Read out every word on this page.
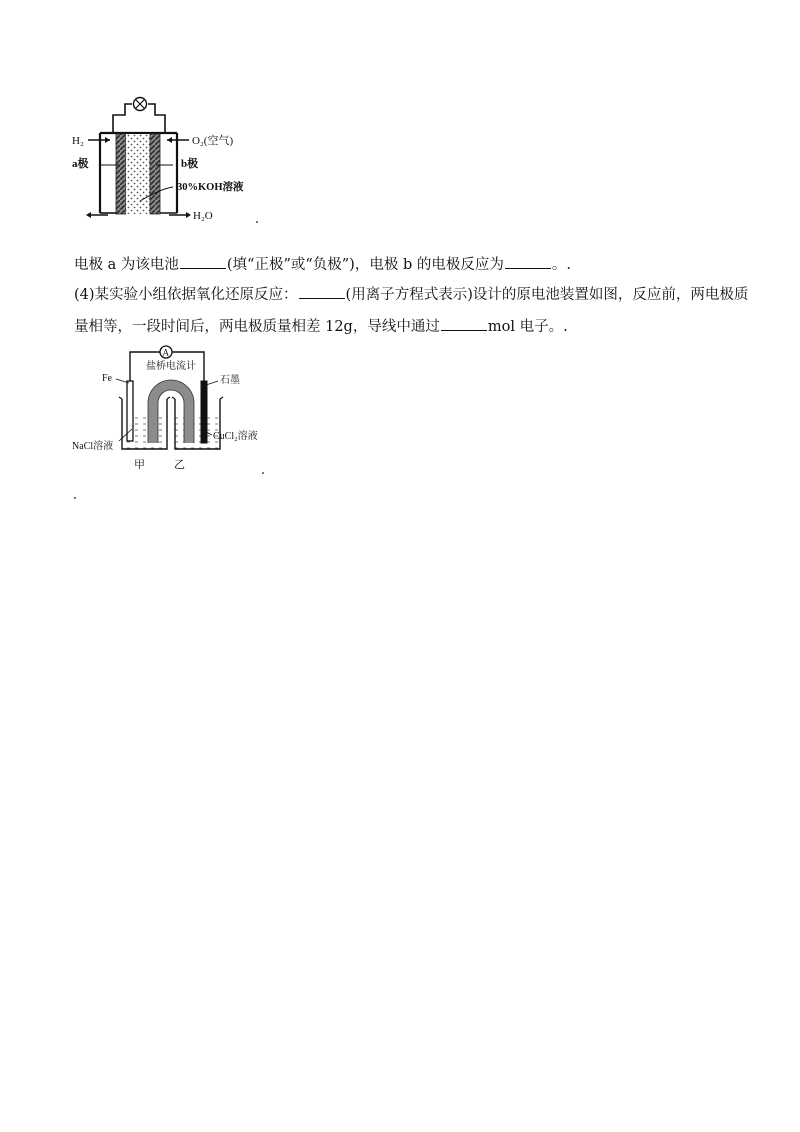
H₂
a极
O₂(空气)
b极
30%KOH溶液
H₂O
电极 a 为该电池	(填“正极”或“负极”)，电极 b 的电极反应为	。.
(4)某实验小组依据氧化还原反应：	(用离子方程式表示)设计的原电池装置如图，反应前，两电极质
量相等，一段时间后，两电极质量相差 12g，导线中通过	mol 电子。.
A
Fe
盐桥 电流计
石墨
NaCl溶液
CuCl₂溶液
甲	乙
